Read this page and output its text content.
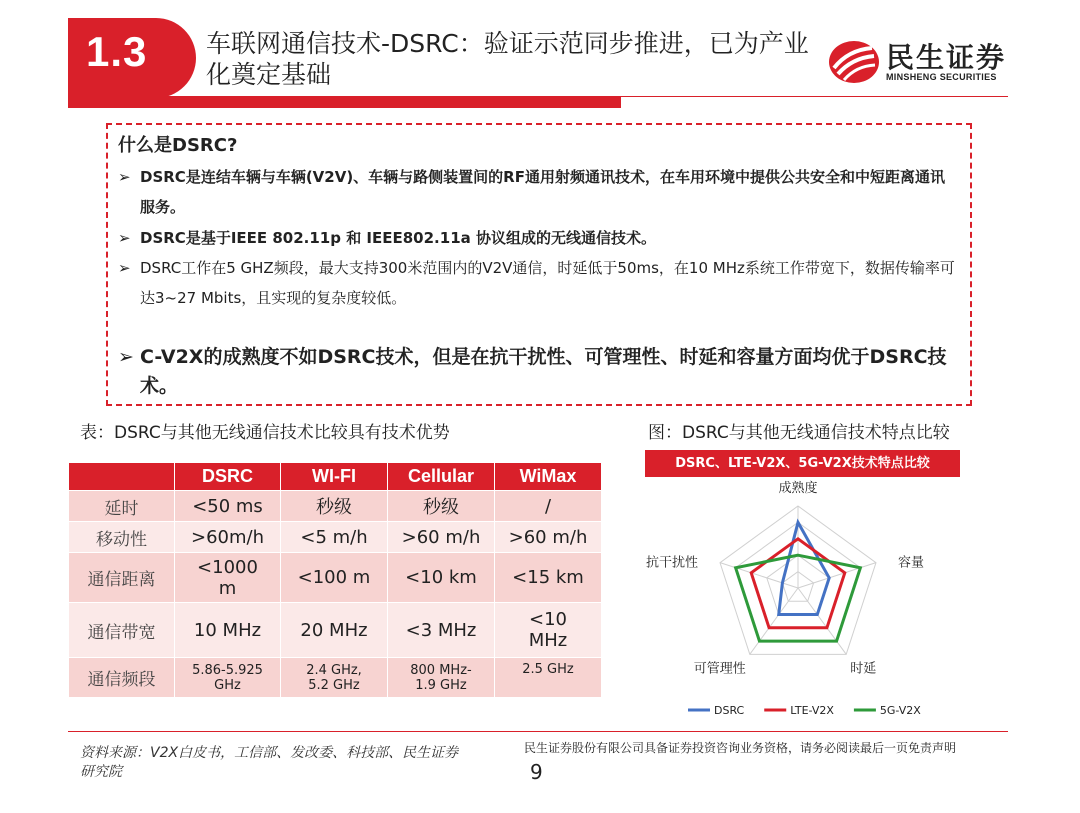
1.3 车联网通信技术-DSRC：验证示范同步推进，已为产业化奠定基础
民生证券
MINSHENG SECURITIES
什么是DSRC?
➢ DSRC是连结车辆与车辆(V2V)、车辆与路侧装置间的RF通用射频通讯技术，在车用环境中提供公共安全和中短距离通讯服务。
➢ DSRC是基于IEEE 802.11p 和 IEEE802.11a 协议组成的无线通信技术。
➢ DSRC工作在5 GHZ频段，最大支持300米范围内的V2V通信，时延低于50ms，在10 MHz系统工作带宽下，数据传输率可达3~27 Mbits，且实现的复杂度较低。
➢ C-V2X的成熟度不如DSRC技术，但是在抗干扰性、可管理性、时延和容量方面均优于DSRC技术。
表：DSRC与其他无线通信技术比较具有技术优势	图：DSRC与其他无线通信技术特点比较
	DSRC	WI-FI	Cellular	WiMax
延时	<50 ms	秒级	秒级	/
移动性	>60m/h	<5 m/h	>60 m/h	>60 m/h
通信距离	<1000 m	<100 m	<10 km	<15 km
通信带宽	10 MHz	20 MHz	<3 MHz	<10 MHz
通信频段	5.86-5.925 GHz	2.4 GHz, 5.2 GHz	800 MHz-1.9 GHz	2.5 GHz
DSRC、LTE-V2X、5G-V2X技术特点比较
成熟度
容量
时延
可管理性
抗干扰性
DSRC	LTE-V2X	5G-V2X
资料来源：V2X白皮书，工信部、发改委、科技部、民生证券研究院
民生证券股份有限公司具备证券投资咨询业务资格，请务必阅读最后一页免责声明
9
